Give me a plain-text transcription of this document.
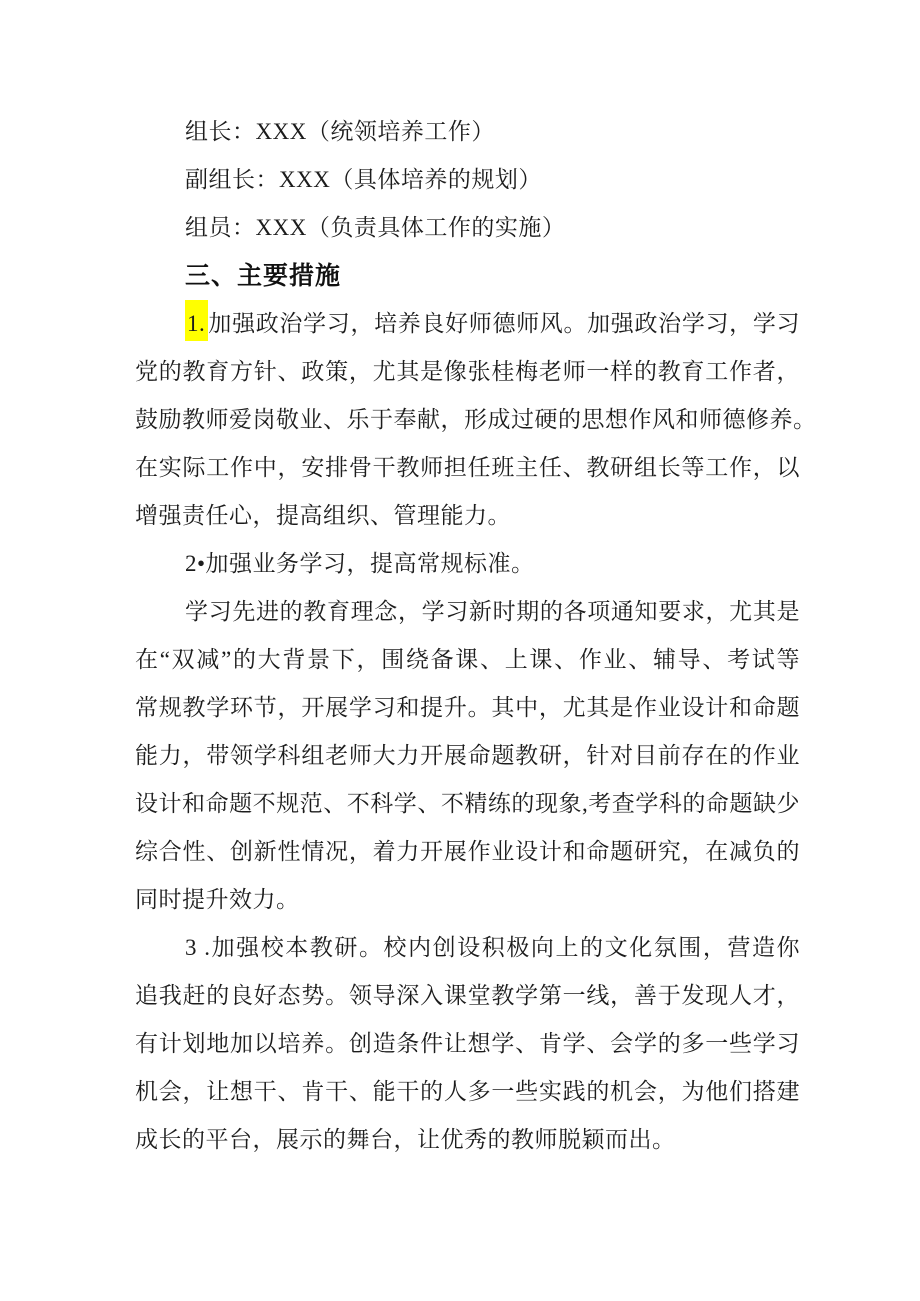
组长：XXX（统领培养工作）

副组长：XXX（具体培养的规划）

组员：XXX（负责具体工作的实施）

三、主要措施

1. 加强政治学习，培养良好师德师风。加强政治学习，学习

党的教育方针、政策，尤其是像张桂梅老师一样的教育工作者，

鼓励教师爱岗敬业、乐于奉献，形成过硬的思想作风和师德修养。

在实际工作中，安排骨干教师担任班主任、教研组长等工作，以

增强责任心，提高组织、管理能力。

2•加强业务学习，提高常规标准。

学习先进的教育理念，学习新时期的各项通知要求，尤其是

在“双减”的大背景下，围绕备课、上课、作业、辅导、考试等

常规教学环节，开展学习和提升。其中，尤其是作业设计和命题

能力，带领学科组老师大力开展命题教研，针对目前存在的作业

设计和命题不规范、不科学、不精练的现象,考查学科的命题缺少

综合性、创新性情况，着力开展作业设计和命题研究，在减负的

同时提升效力。

3 .加强校本教研。校内创设积极向上的文化氛围，营造你

追我赶的良好态势。领导深入课堂教学第一线，善于发现人才，

有计划地加以培养。创造条件让想学、肯学、会学的多一些学习

机会，让想干、肯干、能干的人多一些实践的机会，为他们搭建

成长的平台，展示的舞台，让优秀的教师脱颖而出。
